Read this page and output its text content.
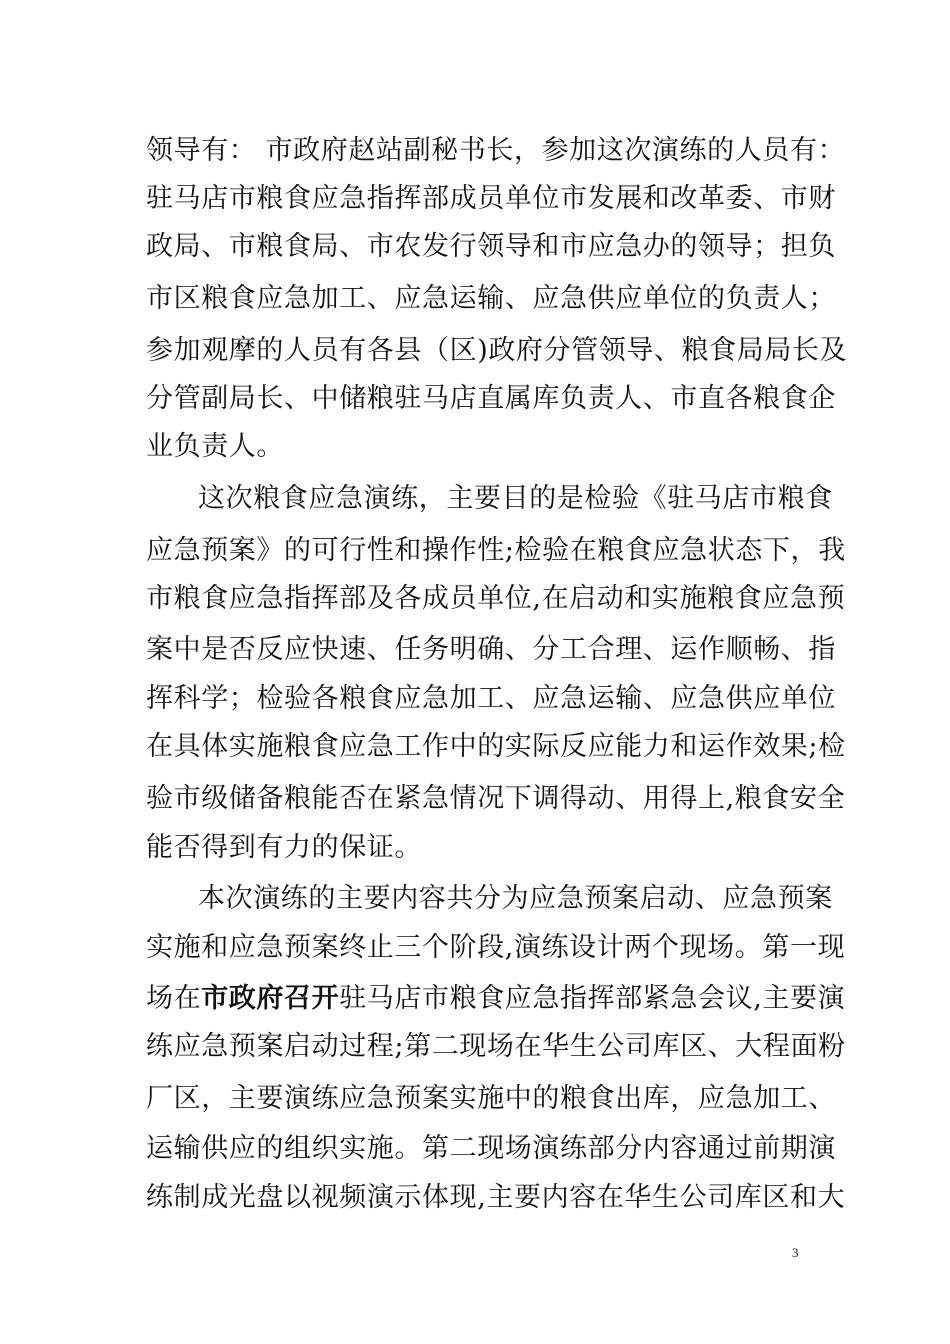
领导有： 市政府赵站副秘书长，参加这次演练的人员有：
驻马店市粮食应急指挥部成员单位市发展和改革委、市财
政局、市粮食局、市农发行领导和市应急办的领导；担负
市区粮食应急加工、应急运输、应急供应单位的负责人；
参加观摩的人员有各县（区)政府分管领导、粮食局局长及
分管副局长、中储粮驻马店直属库负责人、市直各粮食企
业负责人。
这次粮食应急演练，主要目的是检验《驻马店市粮食
应急预案》的可行性和操作性;检验在粮食应急状态下，我
市粮食应急指挥部及各成员单位,在启动和实施粮食应急预
案中是否反应快速、任务明确、分工合理、运作顺畅、指
挥科学；检验各粮食应急加工、应急运输、应急供应单位
在具体实施粮食应急工作中的实际反应能力和运作效果;检
验市级储备粮能否在紧急情况下调得动、用得上,粮食安全
能否得到有力的保证。
本次演练的主要内容共分为应急预案启动、应急预案
实施和应急预案终止三个阶段,演练设计两个现场。第一现
场在市政府召开驻马店市粮食应急指挥部紧急会议,主要演
练应急预案启动过程;第二现场在华生公司库区、大程面粉
厂区，主要演练应急预案实施中的粮食出库，应急加工、
运输供应的组织实施。第二现场演练部分内容通过前期演
练制成光盘以视频演示体现,主要内容在华生公司库区和大
3
